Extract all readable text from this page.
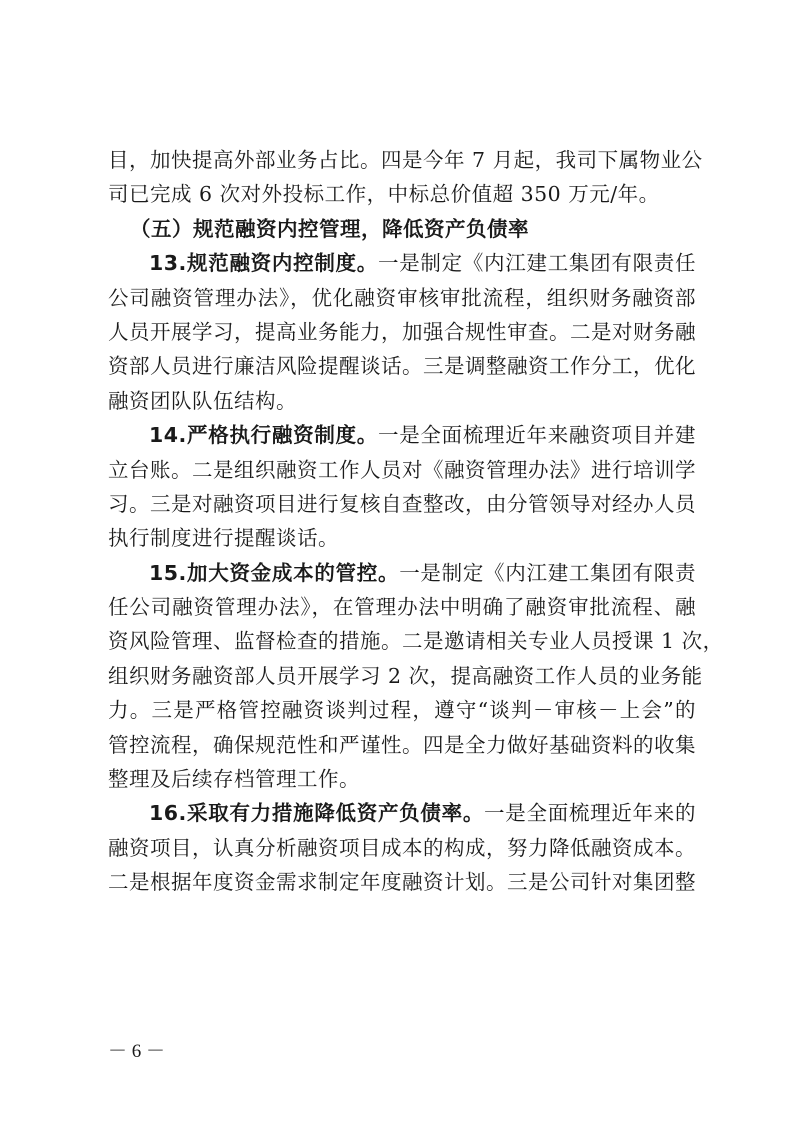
目，加快提高外部业务占比。四是今年 7 月起，我司下属物业公
司已完成 6 次对外投标工作，中标总价值超 350 万元/年。
（五）规范融资内控管理，降低资产负债率
13.规范融资内控制度。一是制定《内江建工集团有限责任
公司融资管理办法》，优化融资审核审批流程，组织财务融资部
人员开展学习，提高业务能力，加强合规性审查。二是对财务融
资部人员进行廉洁风险提醒谈话。三是调整融资工作分工，优化
融资团队队伍结构。
14.严格执行融资制度。一是全面梳理近年来融资项目并建
立台账。二是组织融资工作人员对《融资管理办法》进行培训学
习。三是对融资项目进行复核自查整改，由分管领导对经办人员
执行制度进行提醒谈话。
15.加大资金成本的管控。一是制定《内江建工集团有限责
任公司融资管理办法》，在管理办法中明确了融资审批流程、融
资风险管理、监督检查的措施。二是邀请相关专业人员授课 1 次，
组织财务融资部人员开展学习 2 次，提高融资工作人员的业务能
力。三是严格管控融资谈判过程，遵守“谈判－审核－上会”的
管控流程，确保规范性和严谨性。四是全力做好基础资料的收集
整理及后续存档管理工作。
16.采取有力措施降低资产负债率。一是全面梳理近年来的
融资项目，认真分析融资项目成本的构成，努力降低融资成本。
二是根据年度资金需求制定年度融资计划。三是公司针对集团整
－ 6 －
